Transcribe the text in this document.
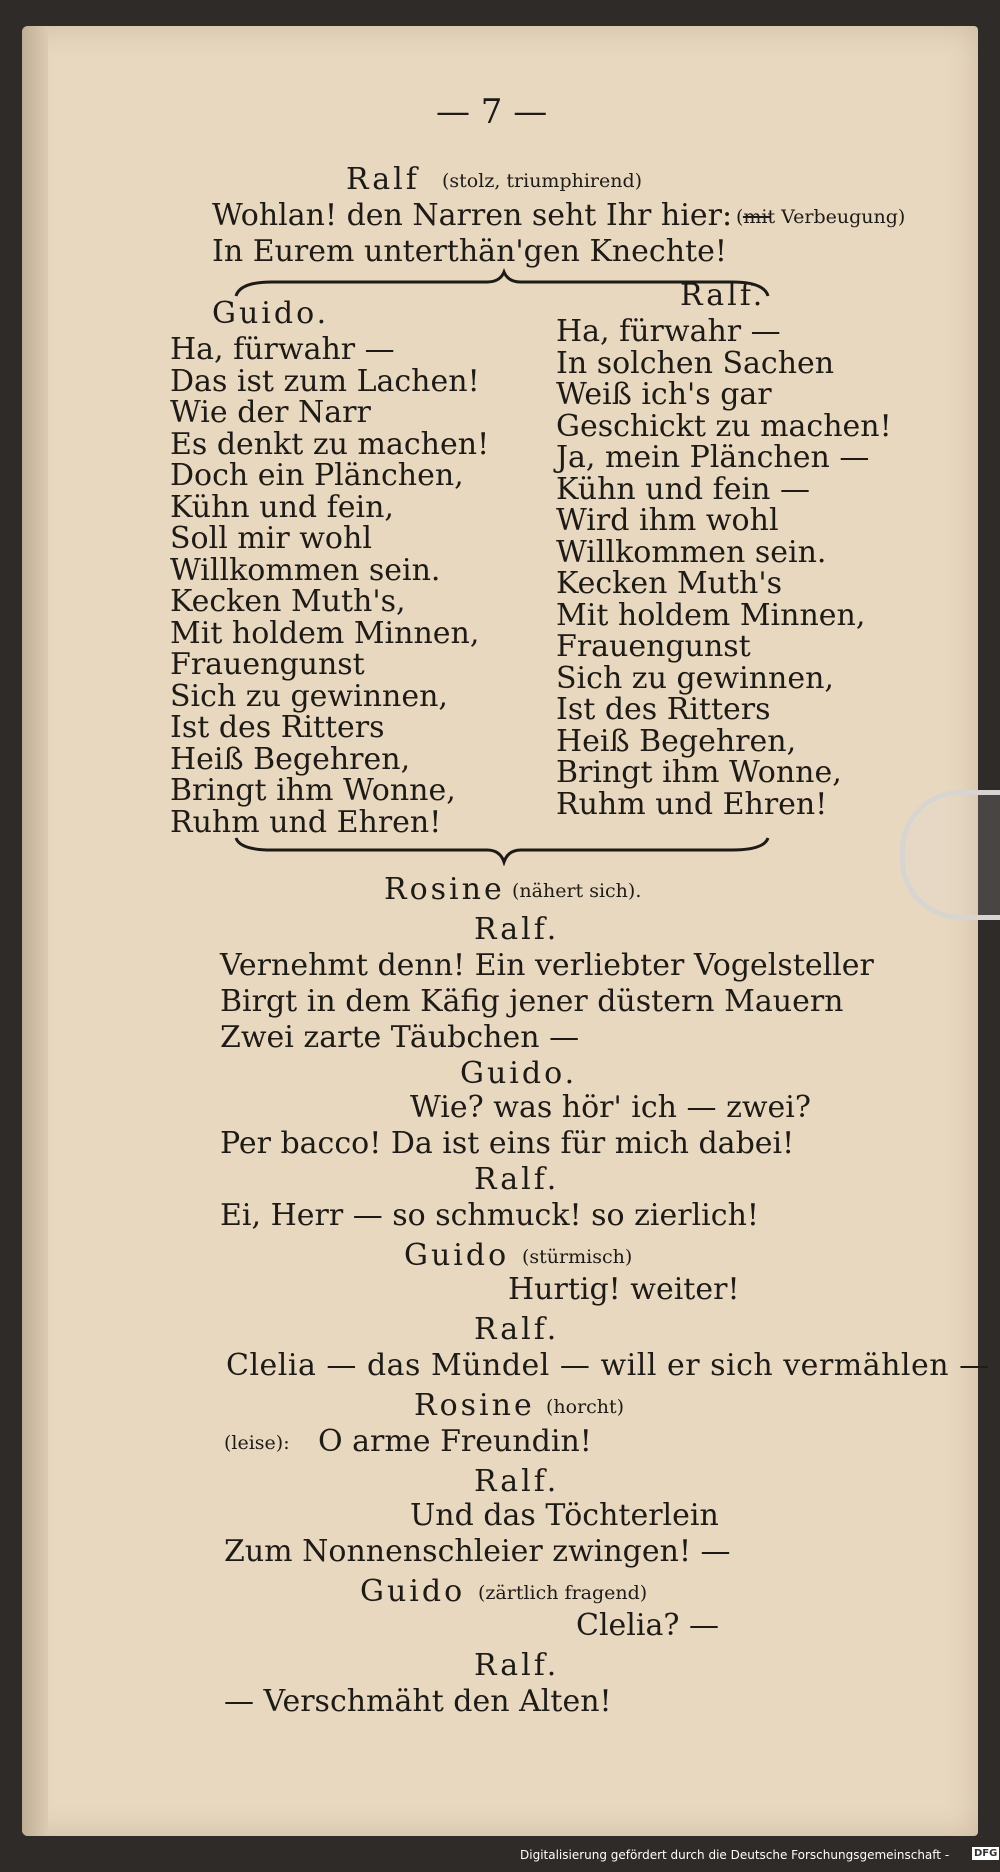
— 7 —
Ralf (stolz, triumphirend)
Wohlan! den Narren seht Ihr hier: —
(mit Verbeugung)
In Eurem unterthän'gen Knechte!
Guido.
Ralf.
Rosine (nähert sich).
Ralf.
Vernehmt denn! Ein verliebter Vogelsteller
Birgt in dem Käfig jener düstern Mauern
Zwei zarte Täubchen —
Guido.
Wie? was hör' ich — zwei?
Per bacco! Da ist eins für mich dabei!
Ralf.
Ei, Herr — so schmuck! so zierlich!
Guido (stürmisch)
Hurtig! weiter!
Ralf.
Clelia — das Mündel — will er sich vermählen —
Rosine (horcht)
(leise): O arme Freundin!
Ralf.
Und das Töchterlein
Zum Nonnenschleier zwingen! —
Guido (zärtlich fragend)
Clelia? —
Ralf.
— Verschmäht den Alten!
Digitalisierung gefördert durch die Deutsche Forschungsgemeinschaft - DFG
Ha, fürwahr —
Das ist zum Lachen!
Wie der Narr
Es denkt zu machen!
Doch ein Plänchen,
Kühn und fein,
Soll mir wohl
Willkommen sein.
Kecken Muth's,
Mit holdem Minnen,
Frauengunst
Sich zu gewinnen,
Ist des Ritters
Heiß Begehren,
Bringt ihm Wonne,
Ruhm und Ehren!
Ha, fürwahr —
In solchen Sachen
Weiß ich's gar
Geschickt zu machen!
Ja, mein Plänchen —
Kühn und fein —
Wird ihm wohl
Willkommen sein.
Kecken Muth's
Mit holdem Minnen,
Frauengunst
Sich zu gewinnen,
Ist des Ritters
Heiß Begehren,
Bringt ihm Wonne,
Ruhm und Ehren!
